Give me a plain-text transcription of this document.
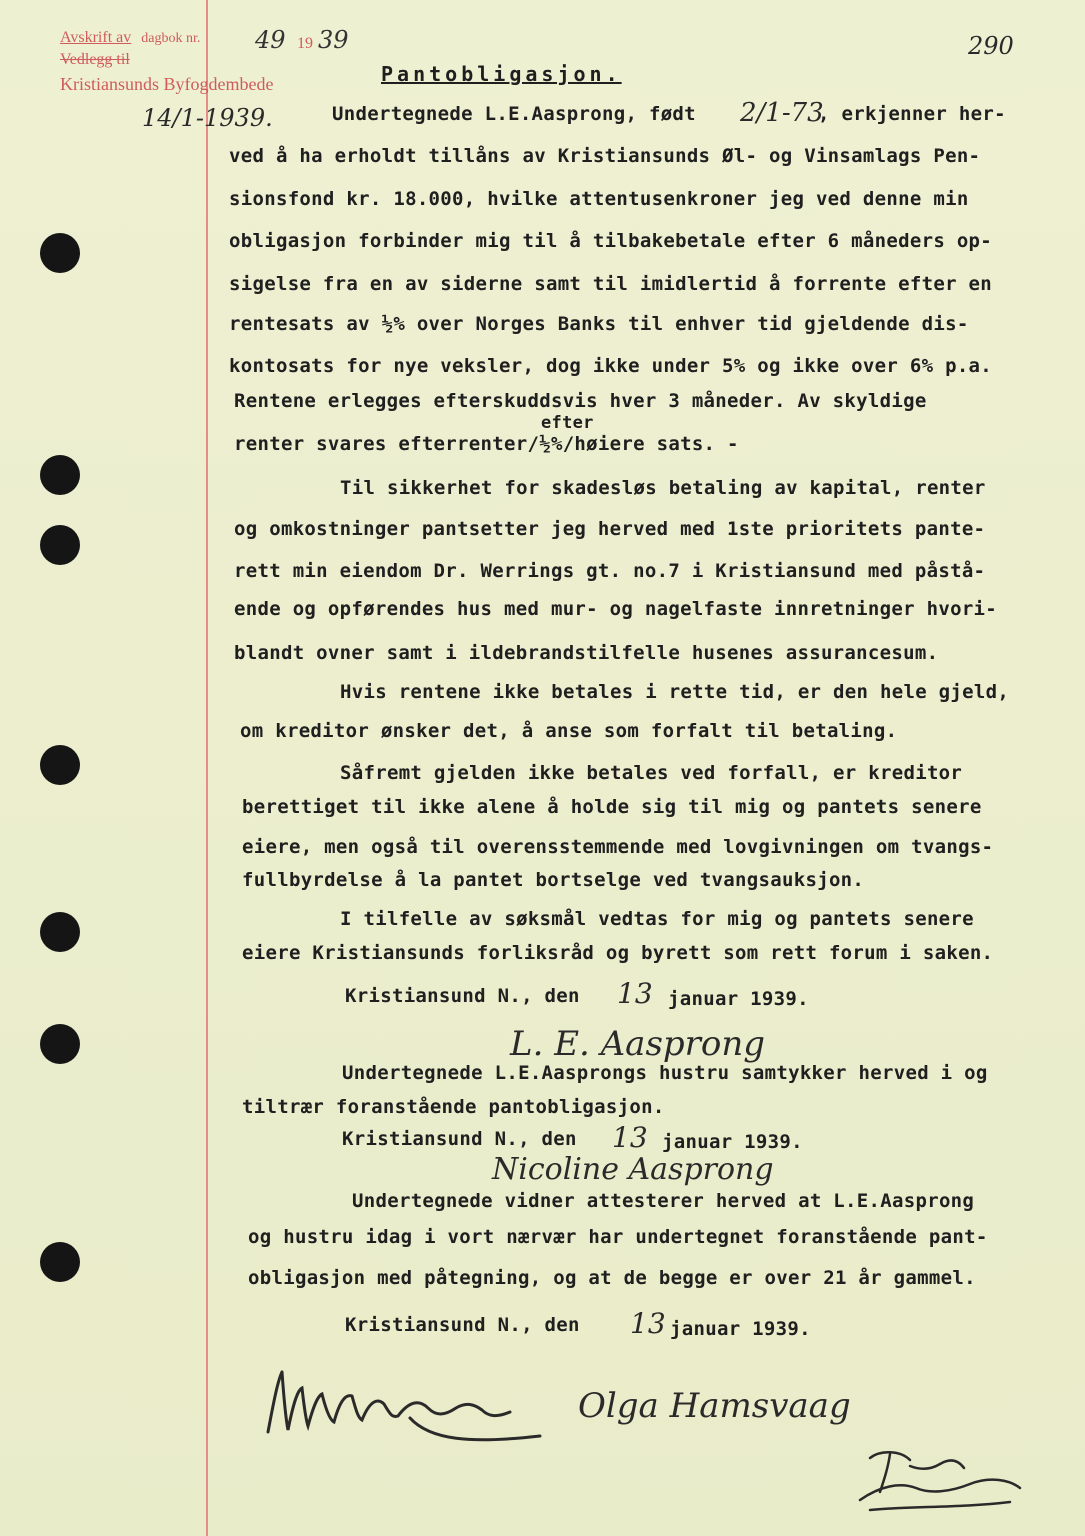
Avskrift av dagbok nr.
Vedlegg til
Kristiansunds Byfogdembede
49 19 39
14/1-1939.
290
Pantobligasjon.
Undertegnede L.E.Aasprong, født 2/1-73
, erkjenner her-
ved å ha erholdt tillåns av Kristiansunds Øl- og Vinsamlags Pen-
sionsfond kr. 18.000, hvilke attentusenkroner jeg ved denne min
obligasjon forbinder mig til å tilbakebetale efter 6 måneders op-
sigelse fra en av siderne samt til imidlertid å forrente efter en
rentesats av ½% over Norges Banks til enhver tid gjeldende dis-
kontosats for nye veksler, dog ikke under 5% og ikke over 6% p.a.
Rentene erlegges efterskuddsvis hver 3 måneder. Av skyldige
efter
renter svares efterrenter/½%/høiere sats. -
Til sikkerhet for skadesløs betaling av kapital, renter
og omkostninger pantsetter jeg herved med 1ste prioritets pante-
rett min eiendom Dr. Werrings gt. no.7 i Kristiansund med påstå-
ende og opførendes hus med mur- og nagelfaste innretninger hvori-
blandt ovner samt i ildebrandstilfelle husenes assurancesum.
Hvis rentene ikke betales i rette tid, er den hele gjeld,
om kreditor ønsker det, å anse som forfalt til betaling.
Såfremt gjelden ikke betales ved forfall, er kreditor
berettiget til ikke alene å holde sig til mig og pantets senere
eiere, men også til overensstemmende med lovgivningen om tvangs-
fullbyrdelse å la pantet bortselge ved tvangsauksjon.
I tilfelle av søksmål vedtas for mig og pantets senere
eiere Kristiansunds forliksråd og byrett som rett forum i saken.
Kristiansund N., den 13 januar 1939.
L. E. Aasprong
Undertegnede L.E.Aasprongs hustru samtykker herved i og
tiltrær foranstående pantobligasjon.
Kristiansund N., den 13 januar 1939.
Nicoline Aasprong
Undertegnede vidner attesterer herved at L.E.Aasprong
og hustru idag i vort nærvær har undertegnet foranstående pant-
obligasjon med påtegning, og at de begge er over 21 år gammel.
Kristiansund N., den 13 januar 1939.
Olga Hamsvaag
